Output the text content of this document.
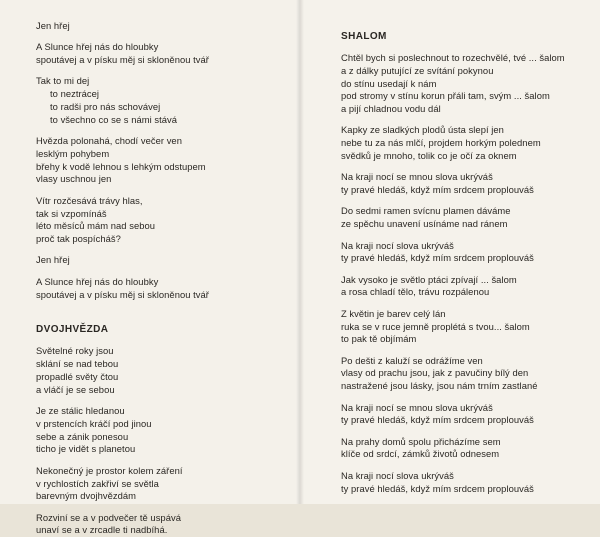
Jen hřej
A Slunce hřej nás do hloubky
spoutávej a v písku měj si skloněnou tvář
Tak to mi dej
to neztrácej
to radši pro nás schovávej
to všechno co se s námi stává
Hvězda polonahá, chodí večer ven
lesklým pohybem
břehy k vodě lehnou s lehkým odstupem
vlasy uschnou jen
Vítr rozčesává trávy hlas,
tak si vzpomínáš
léto měsíců mám nad sebou
proč tak pospícháš?
Jen hřej
A Slunce hřej nás do hloubky
spoutávej a v písku měj si skloněnou tvář
DVOJHVĚZDA
Světelné roky jsou
sklání se nad tebou
propadlé světy čtou
a vláčí je se sebou
Je ze stálic hledanou
v prstencích kráčí pod jinou
sebe a zánik ponesou
ticho je vidět s planetou
Nekonečný je prostor kolem záření
v rychlostích zakřiví se světla
barevným dvojhvězdám
Rozviní se a v podvečer tě uspává
unaví se a v zrcadle ti nadbíhá.
SHALOM
Chtěl bych si poslechnout to rozechvělé, tvé ... šalom
a z dálky putující ze svítání pokynou
do stínu usedají k nám
pod stromy v stínu korun přáli tam, svým ... šalom
a pijí chladnou vodu dál
Kapky ze sladkých plodů ústa slepí jen
nebe tu za nás mlčí, projdem horkým polednem
svědků je mnoho, tolik co je očí za oknem
Na kraji nocí se mnou slova ukrýváš
ty pravé hledáš, když mím srdcem proplouváš
Do sedmi ramen svícnu plamen dáváme
ze spěchu unavení usínáme nad ránem
Na kraji nocí slova ukrýváš
ty pravé hledáš, když mím srdcem proplouváš
Jak vysoko je světlo ptáci zpívají ... šalom
a rosa chladí tělo, trávu rozpálenou
Z květin je barev celý lán
ruka se v ruce jemně proplétá s tvou... šalom
to pak tě objímám
Po dešti z kaluží se odrážíme ven
vlasy od prachu jsou, jak z pavučiny bílý den
nastražené jsou lásky, jsou nám trním zastlané
Na kraji nocí se mnou slova ukrýváš
ty pravé hledáš, když mím srdcem proplouváš
Na prahy domů spolu přicházíme sem
klíče od srdcí, zámků životů odnesem
Na kraji nocí slova ukrýváš
ty pravé hledáš, když mím srdcem proplouváš
